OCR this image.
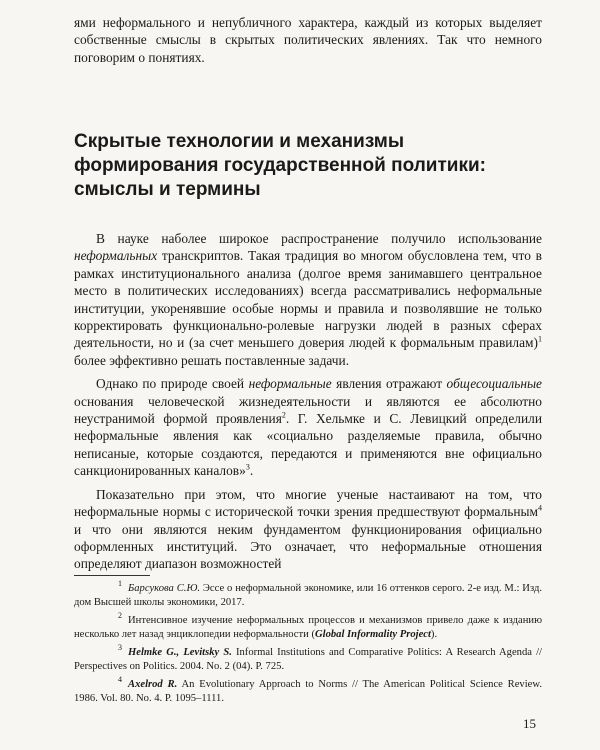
ями неформального и непубличного характера, каждый из которых выделяет собственные смыслы в скрытых политических явлениях. Так что немного поговорим о понятиях.

Скрытые технологии и механизмы формирования государственной политики: смыслы и термины

В науке наболее широкое распространение получило использование неформальных транскриптов. Такая традиция во многом обусловлена тем, что в рамках институционального анализа (долгое время занимавшего центральное место в политических исследованиях) всегда рассматривались неформальные институции, укоренявшие особые нормы и правила и позволявшие не только корректировать функционально-ролевые нагрузки людей в разных сферах деятельности, но и (за счет меньшего доверия людей к формальным правилам)$^1$ более эффективно решать поставленные задачи.

Однако по природе своей неформальные явления отражают общесоциальные основания человеческой жизнедеятельности и являются ее абсолютно неустранимой формой проявления$^2$. Г. Хельмке и С. Левицкий определили неформальные явления как «социально разделяемые правила, обычно неписаные, которые создаются, передаются и применяются вне официально санкционированных каналов»$^3$.

Показательно при этом, что многие ученые настаивают на том, что неформальные нормы с исторической точки зрения предшествуют формальным$^4$ и что они являются неким фундаментом функционирования официально оформленных институций. Это означает, что неформальные отношения определяют диапазон возможностей

1 Барсукова С.Ю. Эссе о неформальной экономике, или 16 оттенков серого. 2-е изд. М.: Изд. дом Высшей школы экономики, 2017.

2 Интенсивное изучение неформальных процессов и механизмов привело даже к изданию несколько лет назад энциклопедии неформальности (Global Informality Project).

3 Helmke G., Levitsky S. Informal Institutions and Comparative Politics: A Research Agenda // Perspectives on Politics. 2004. No. 2 (04). P. 725.

4 Axelrod R. An Evolutionary Approach to Norms // The American Political Science Review. 1986. Vol. 80. No. 4. P. 1095–1111.

15
